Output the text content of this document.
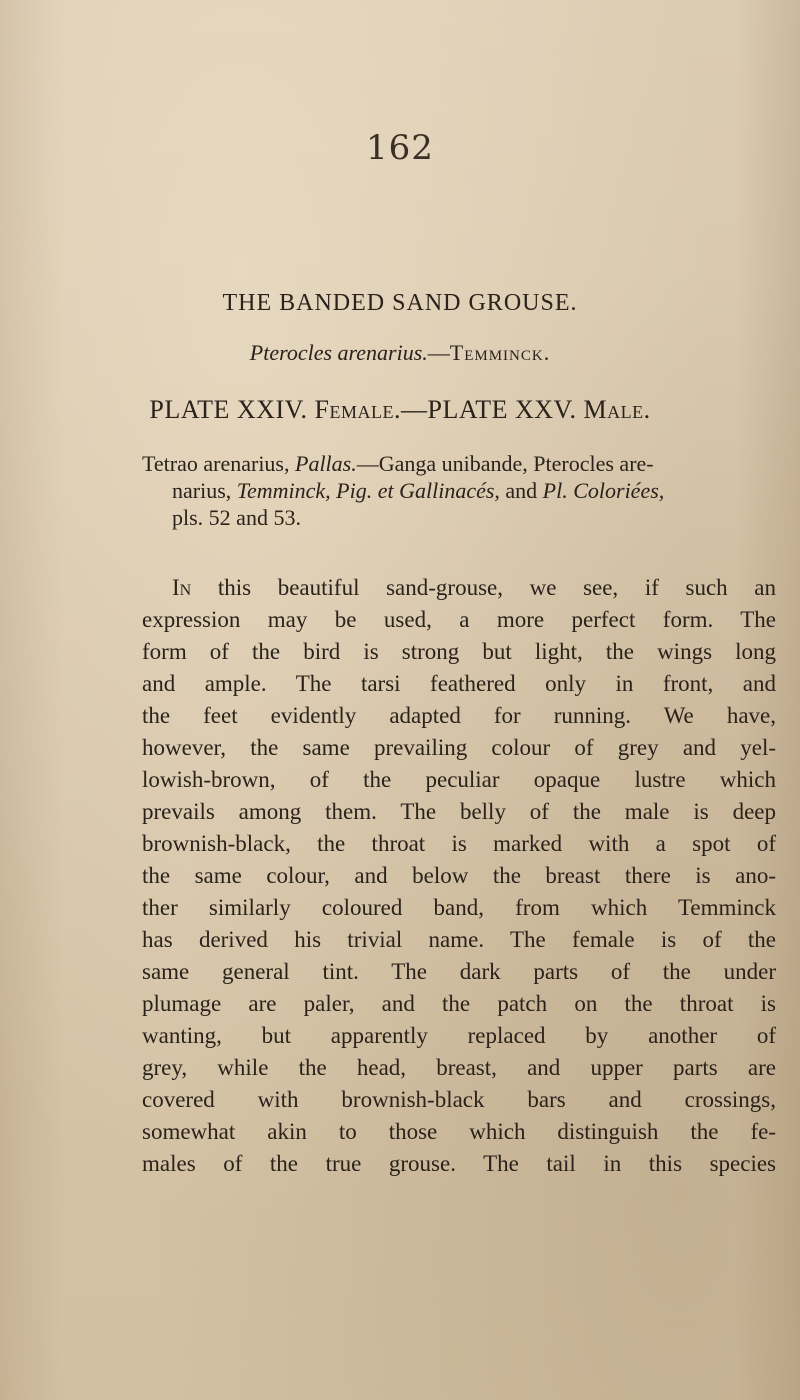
162
THE BANDED SAND GROUSE.
Pterocles arenarius.—Temminck.
PLATE XXIV. Female.—PLATE XXV. Male.
Tetrao arenarius, Pallas.—Ganga unibande, Pterocles are-
narius, Temminck, Pig. et Gallinacés, and Pl. Coloriées,
pls. 52 and 53.
In this beautiful sand-grouse, we see, if such an
expression may be used, a more perfect form. The
form of the bird is strong but light, the wings long
and ample. The tarsi feathered only in front, and
the feet evidently adapted for running. We have,
however, the same prevailing colour of grey and yel-
lowish-brown, of the peculiar opaque lustre which
prevails among them. The belly of the male is deep
brownish-black, the throat is marked with a spot of
the same colour, and below the breast there is ano-
ther similarly coloured band, from which Temminck
has derived his trivial name. The female is of the
same general tint. The dark parts of the under
plumage are paler, and the patch on the throat is
wanting, but apparently replaced by another of
grey, while the head, breast, and upper parts are
covered with brownish-black bars and crossings,
somewhat akin to those which distinguish the fe-
males of the true grouse. The tail in this species
